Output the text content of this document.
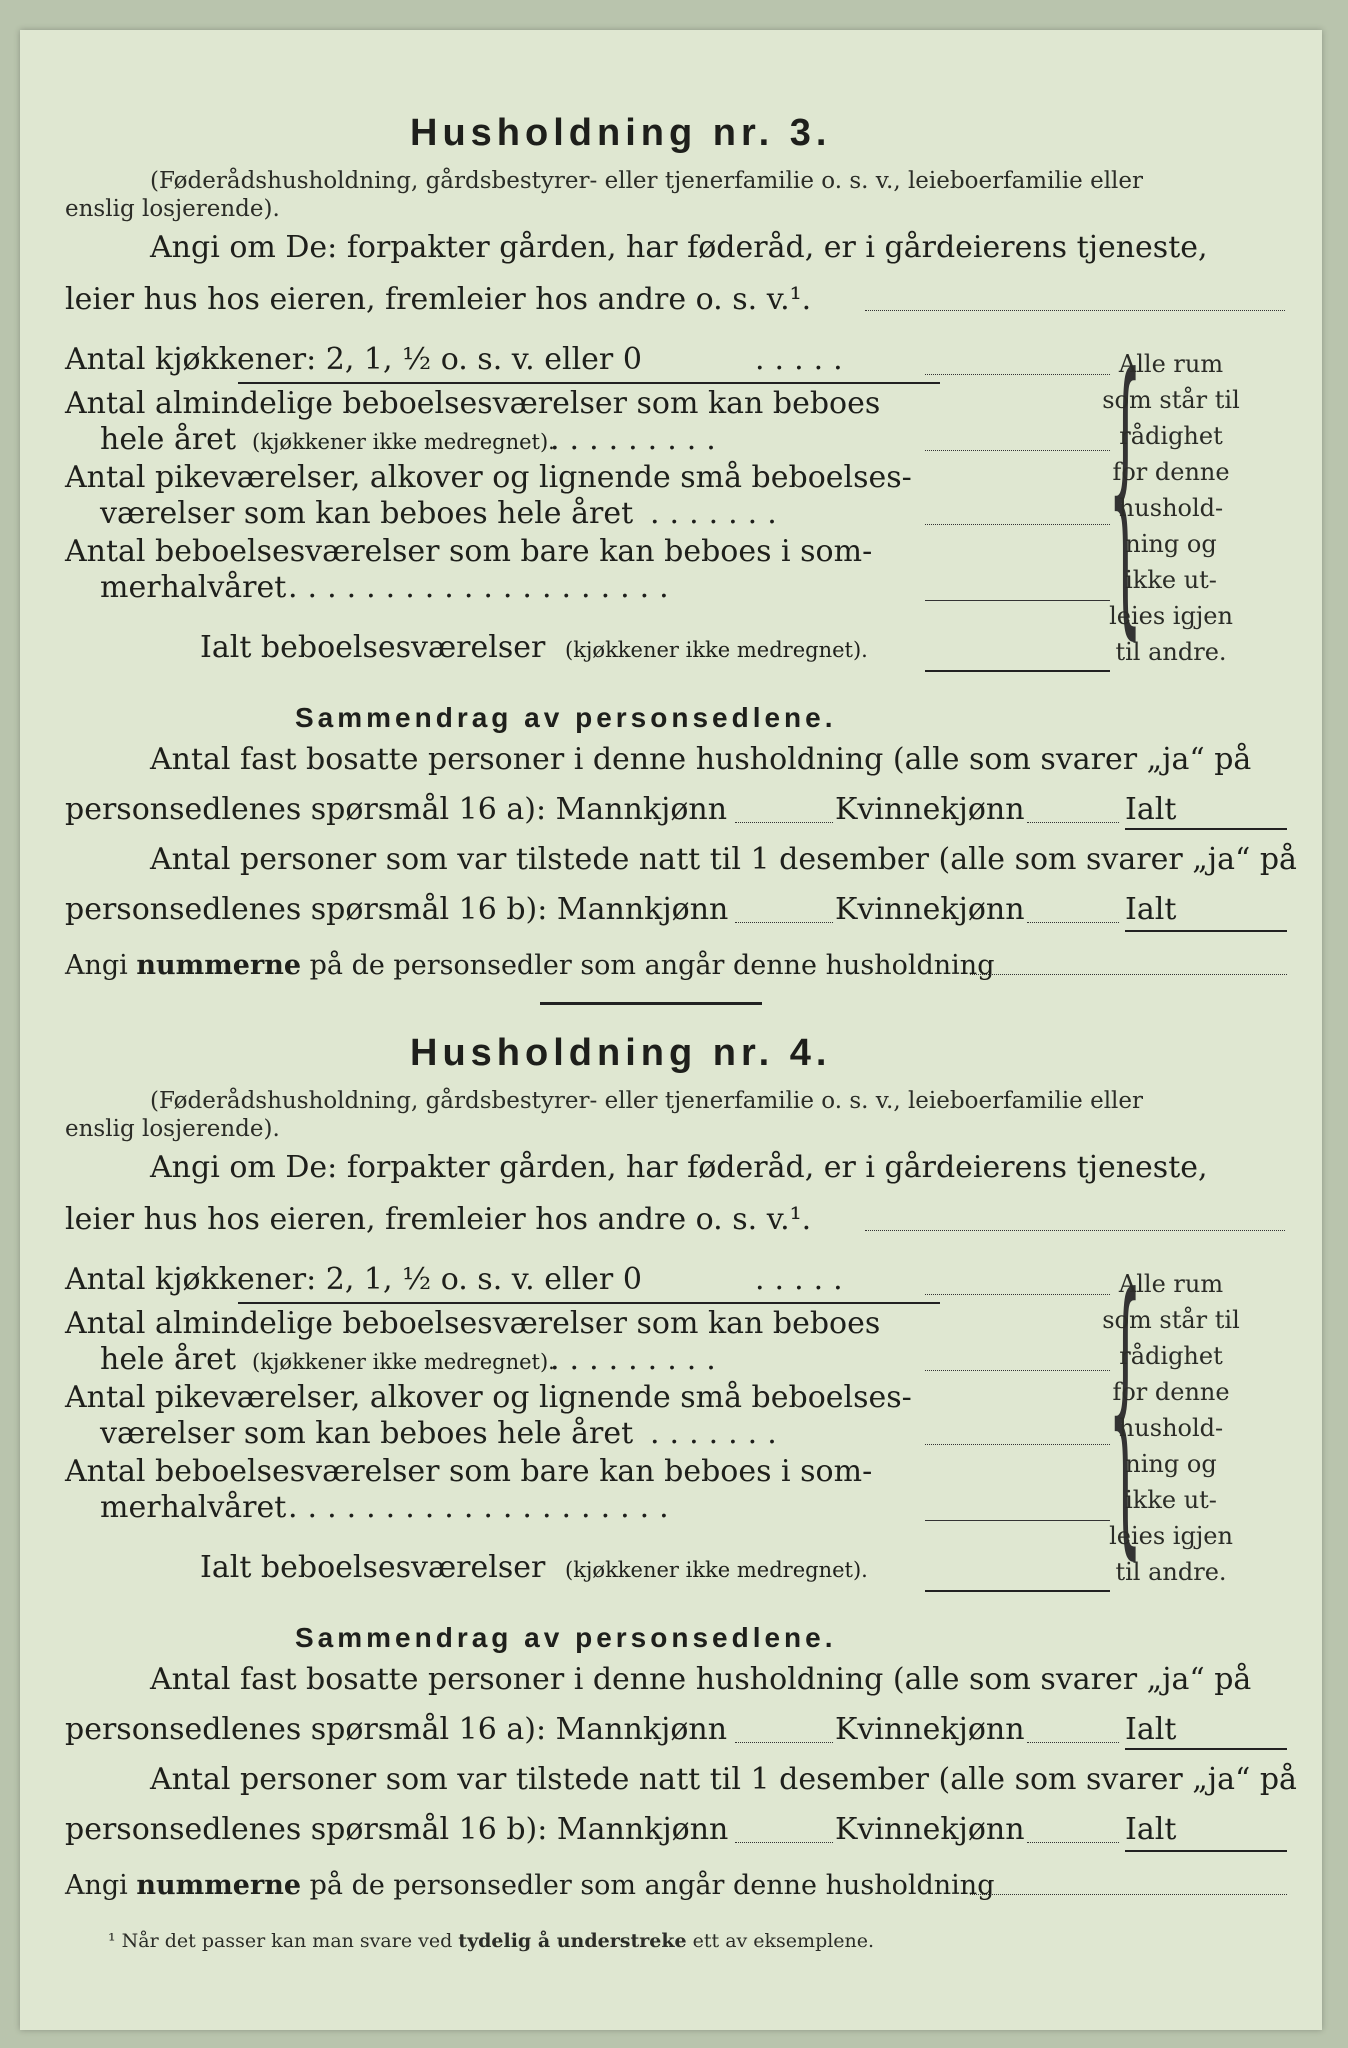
Husholdning nr. 3.
(Føderådshusholdning, gårdsbestyrer- eller tjenerfamilie o. s. v., leieboerfamilie eller
enslig losjerende).
Angi om De: forpakter gården, har føderåd, er i gårdeierens tjeneste,
leier hus hos eieren, fremleier hos andre o. s. v.¹.
Antal kjøkkener: 2, 1, ½ o. s. v. eller 0	.....
Antal almindelige beboelsesværelser som kan beboes
hele året (kjøkkener ikke medregnet).
.........
Antal pikeværelser, alkover og lignende små beboelses-
værelser som kan beboes hele året .......
Antal beboelsesværelser som bare kan beboes i som-
merhalvåret ....................
Ialt beboelsesværelser (kjøkkener ikke medregnet). {
Alle rum
som står til
rådighet
for denne
hushold-
ning og
ikke ut-
leies igjen
til andre.
Sammendrag av personsedlene.
Antal fast bosatte personer i denne husholdning (alle som svarer „ja“ på
personsedlenes spørsmål 16 a): Mannkjønn	Kvinnekjønn	Ialt
Antal personer som var tilstede natt til 1 desember (alle som svarer „ja“ på
personsedlenes spørsmål 16 b): Mannkjønn	Kvinnekjønn	Ialt
Angi nummerne på de personsedler som angår denne husholdning
Husholdning nr. 4.
(Føderådshusholdning, gårdsbestyrer- eller tjenerfamilie o. s. v., leieboerfamilie eller
enslig losjerende).
Angi om De: forpakter gården, har føderåd, er i gårdeierens tjeneste,
leier hus hos eieren, fremleier hos andre o. s. v.¹.
Antal kjøkkener: 2, 1, ½ o. s. v. eller 0	.....
Antal almindelige beboelsesværelser som kan beboes
hele året (kjøkkener ikke medregnet).
.........
Antal pikeværelser, alkover og lignende små beboelses-
værelser som kan beboes hele året .......
Antal beboelsesværelser som bare kan beboes i som-
merhalvåret ....................
Ialt beboelsesværelser (kjøkkener ikke medregnet). {
Alle rum
som står til
rådighet
for denne
hushold-
ning og
ikke ut-
leies igjen
til andre.
Sammendrag av personsedlene.
Antal fast bosatte personer i denne husholdning (alle som svarer „ja“ på
personsedlenes spørsmål 16 a): Mannkjønn	Kvinnekjønn	Ialt
Antal personer som var tilstede natt til 1 desember (alle som svarer „ja“ på
personsedlenes spørsmål 16 b): Mannkjønn	Kvinnekjønn	Ialt
Angi nummerne på de personsedler som angår denne husholdning
¹ Når det passer kan man svare ved tydelig å understreke ett av eksemplene.
